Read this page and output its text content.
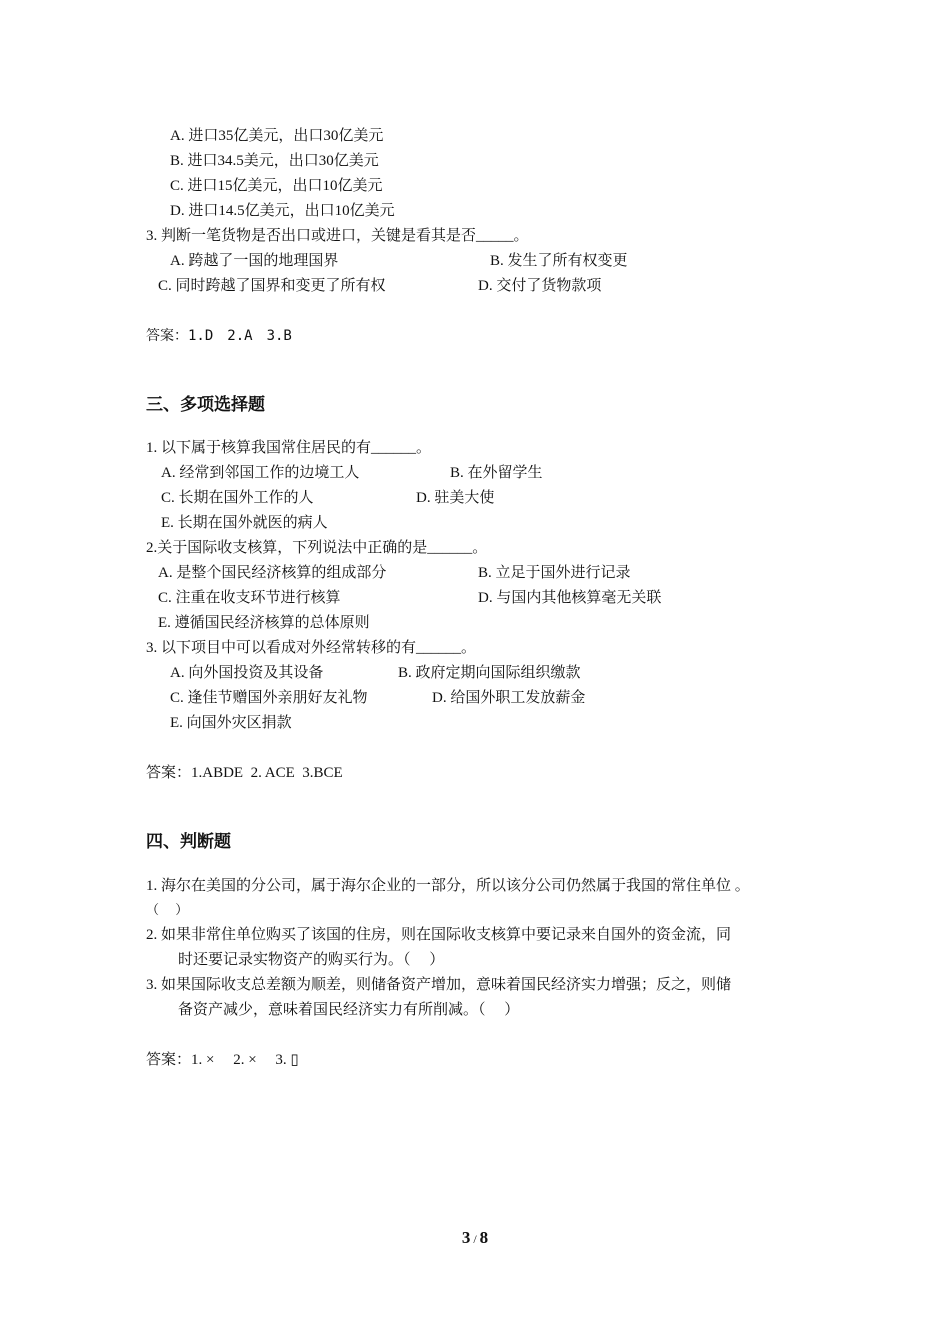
A. 进口35亿美元，出口30亿美元
B. 进口34.5美元，出口30亿美元
C. 进口15亿美元，出口10亿美元
D. 进口14.5亿美元，出口10亿美元
3. 判断一笔货物是否出口或进口，关键是看其是否_____。
A. 跨越了一国的地理国界	B. 发生了所有权变更
C. 同时跨越了国界和变更了所有权	D. 交付了货物款项
答案：1.D　2.A　3.B
三、多项选择题
1. 以下属于核算我国常住居民的有______。
A. 经常到邻国工作的边境工人	B. 在外留学生
C. 长期在国外工作的人	D. 驻美大使
E. 长期在国外就医的病人
2.关于国际收支核算，下列说法中正确的是______。
A. 是整个国民经济核算的组成部分	B. 立足于国外进行记录
C. 注重在收支环节进行核算	D. 与国内其他核算毫无关联
E. 遵循国民经济核算的总体原则
3. 以下项目中可以看成对外经常转移的有______。
A. 向外国投资及其设备	B. 政府定期向国际组织缴款
C. 逢佳节赠国外亲朋好友礼物	D. 给国外职工发放薪金
E. 向国外灾区捐款
答案：1.ABDE  2. ACE  3.BCE
四、判断题
1. 海尔在美国的分公司，属于海尔企业的一部分，所以该分公司仍然属于我国的常住单位 。
（　 ）
2. 如果非常住单位购买了该国的住房，则在国际收支核算中要记录来自国外的资金流，同
时还要记录实物资产的购买行为。（　 ）
3. 如果国际收支总差额为顺差，则储备资产增加，意味着国民经济实力增强；反之，则储
备资产减少，意味着国民经济实力有所削减。（　 ）
答案：1. ×　 2. ×　 3. ▯
3 / 8
